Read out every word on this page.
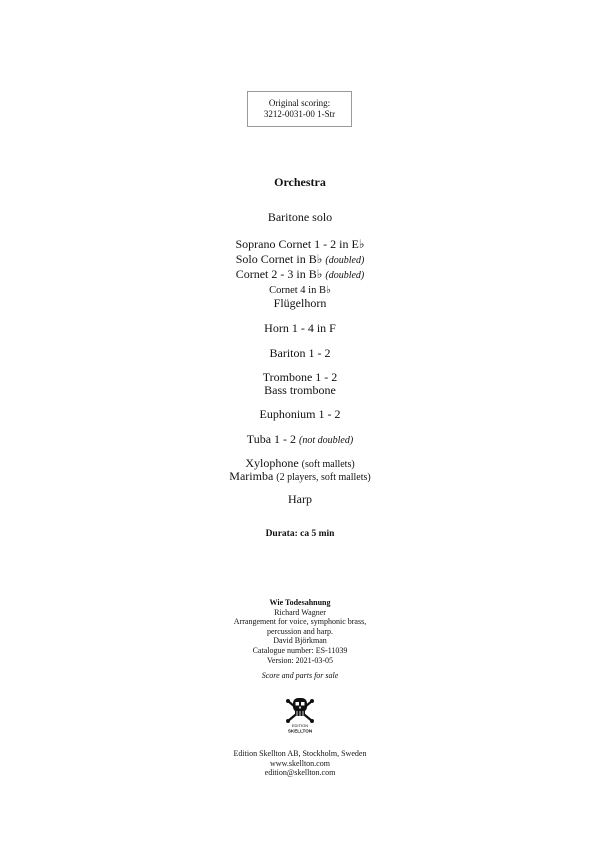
Original scoring:
3212-0031-00 1-Str
Orchestra
Baritone solo
Soprano Cornet 1 - 2 in E♭
Solo Cornet in B♭ (doubled)
Cornet 2 - 3 in B♭ (doubled)
Cornet 4 in B♭
Flügelhorn
Horn 1 - 4 in F
Bariton 1 - 2
Trombone 1 - 2
Bass trombone
Euphonium 1 - 2
Tuba 1 - 2 (not doubled)
Xylophone (soft mallets)
Marimba (2 players, soft mallets)
Harp
Durata: ca 5 min
Wie Todesahnung
Richard Wagner
Arrangement for voice, symphonic brass,
percussion and harp.
David Björkman
Catalogue number: ES-11039
Version: 2021-03-05
Score and parts for sale
EDITION
SKELLTON
Edition Skellton AB, Stockholm, Sweden
www.skellton.com
edition@skellton.com
